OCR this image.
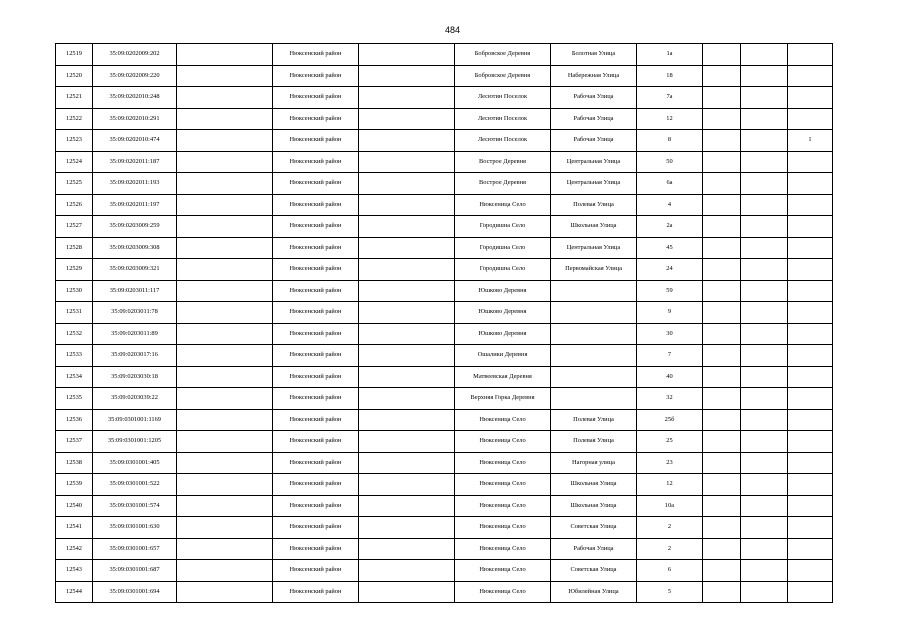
484
12519	35:09:0202009:202		Нюксенский район		Бобровское Деревня	Болотная Улица	1а			
12520	35:09:0202009:220		Нюксенский район		Бобровское Деревня	Набережная Улица	18			
12521	35:09:0202010:248		Нюксенский район		Лесютин Поселок	Рабочая Улица	7а			
12522	35:09:0202010:291		Нюксенский район		Лесютин Поселок	Рабочая Улица	12			
12523	35:09:0202010:474		Нюксенский район		Лесютин Поселок	Рабочая Улица	8			1
12524	35:09:0202011:187		Нюксенский район		Вострое Деревня	Центральная Улица	50			
12525	35:09:0202011:193		Нюксенский район		Вострое Деревня	Центральная Улица	6а			
12526	35:09:0202011:197		Нюксенский район		Нюксеница Село	Полевая Улица	4			
12527	35:09:0203009:259		Нюксенский район		Городишна Село	Школьная Улица	2а			
12528	35:09:0203009:308		Нюксенский район		Городишна Село	Центральная Улица	45			
12529	35:09:0203009:321		Нюксенский район		Городишна Село	Первомайская Улица	24			
12530	35:09:0203011:117		Нюксенский район		Юшково Деревня		59			
12531	35:09:0203011:78		Нюксенский район		Юшково Деревня		9			
12532	35:09:0203011:89		Нюксенский район		Юшково Деревня		30			
12533	35:09:0203017:16		Нюксенский район		Ошалики Деревня		7			
12534	35:09:0203030:18		Нюксенский район		Матвеевская Деревня		40			
12535	35:09:0203039:22		Нюксенский район		Верхняя Горка Деревня		32			
12536	35:09:0301001:1169		Нюксенский район		Нюксеница Село	Полевая Улица	25б			
12537	35:09:0301001:1205		Нюксенский район		Нюксеница Село	Полевая Улица	25			
12538	35:09:0301001:405		Нюксенский район		Нюксеница Село	Нагорная улица	23			
12539	35:09:0301001:522		Нюксенский район		Нюксеница Село	Школьная Улица	12			
12540	35:09:0301001:574		Нюксенский район		Нюксеница Село	Школьная Улица	10а			
12541	35:09:0301001:630		Нюксенский район		Нюксеница Село	Советская Улица	2			
12542	35:09:0301001:657		Нюксенский район		Нюксеница Село	Рабочая Улица	2			
12543	35:09:0301001:687		Нюксенский район		Нюксеница Село	Советская Улица	6			
12544	35:09:0301001:694		Нюксенский район		Нюксеница Село	Юбилейная Улица	5			
